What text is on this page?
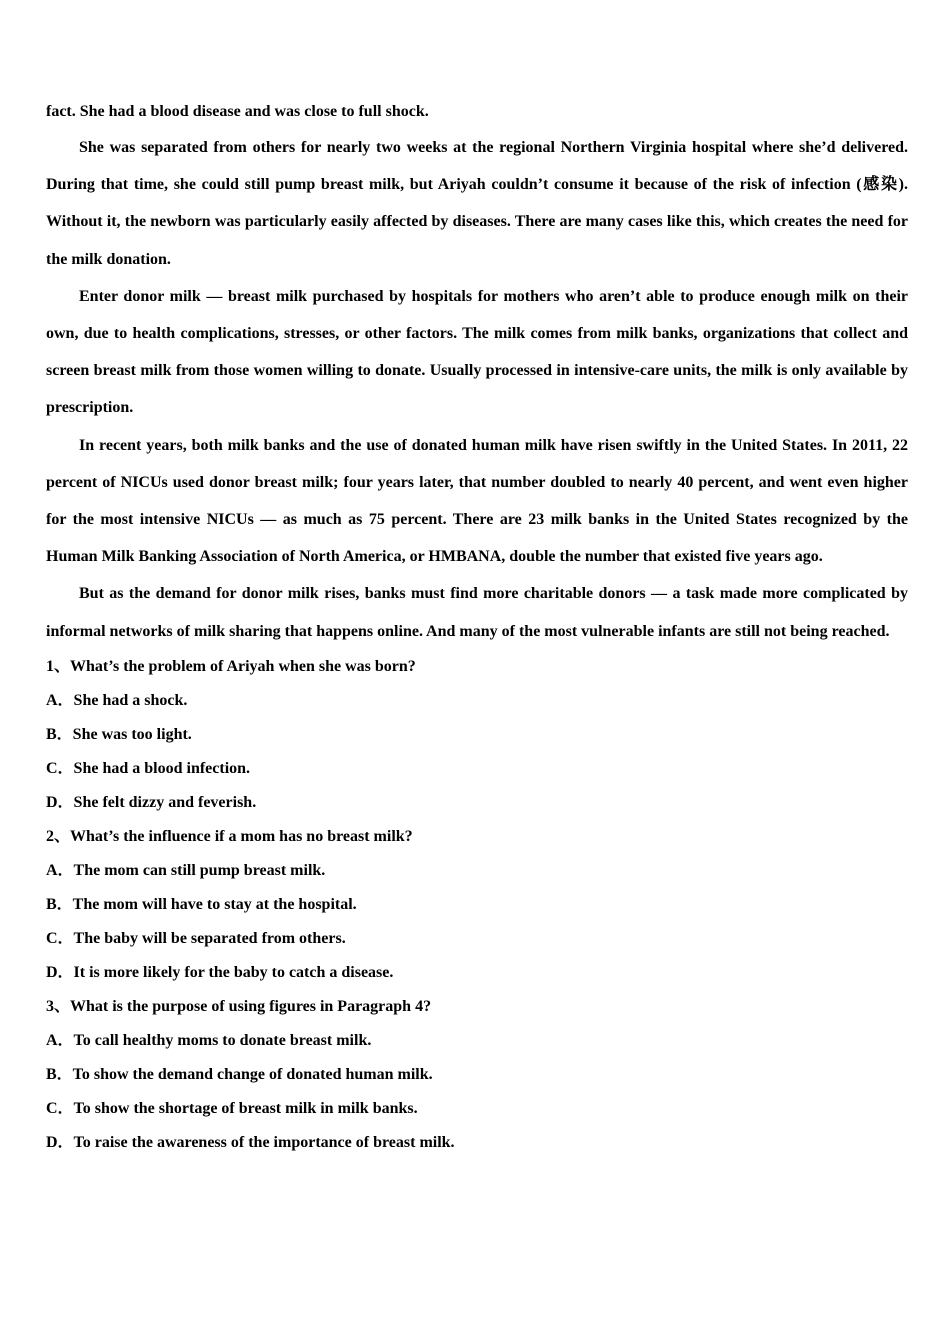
fact. She had a blood disease and was close to full shock.

She was separated from others for nearly two weeks at the regional Northern Virginia hospital where she’d delivered. During that time, she could still pump breast milk, but Ariyah couldn’t consume it because of the risk of infection (感染). Without it, the newborn was particularly easily affected by diseases. There are many cases like this, which creates the need for the milk donation.

Enter donor milk — breast milk purchased by hospitals for mothers who aren’t able to produce enough milk on their own, due to health complications, stresses, or other factors. The milk comes from milk banks, organizations that collect and screen breast milk from those women willing to donate. Usually processed in intensive-care units, the milk is only available by prescription.

In recent years, both milk banks and the use of donated human milk have risen swiftly in the United States. In 2011, 22 percent of NICUs used donor breast milk; four years later, that number doubled to nearly 40 percent, and went even higher for the most intensive NICUs — as much as 75 percent. There are 23 milk banks in the United States recognized by the Human Milk Banking Association of North America, or HMBANA, double the number that existed five years ago.

But as the demand for donor milk rises, banks must find more charitable donors — a task made more complicated by informal networks of milk sharing that happens online. And many of the most vulnerable infants are still not being reached.

1、What’s the problem of Ariyah when she was born?
A．She had a shock.
B．She was too light.
C．She had a blood infection.
D．She felt dizzy and feverish.
2、What’s the influence if a mom has no breast milk?
A．The mom can still pump breast milk.
B．The mom will have to stay at the hospital.
C．The baby will be separated from others.
D．It is more likely for the baby to catch a disease.
3、What is the purpose of using figures in Paragraph 4?
A．To call healthy moms to donate breast milk.
B．To show the demand change of donated human milk.
C．To show the shortage of breast milk in milk banks.
D．To raise the awareness of the importance of breast milk.
